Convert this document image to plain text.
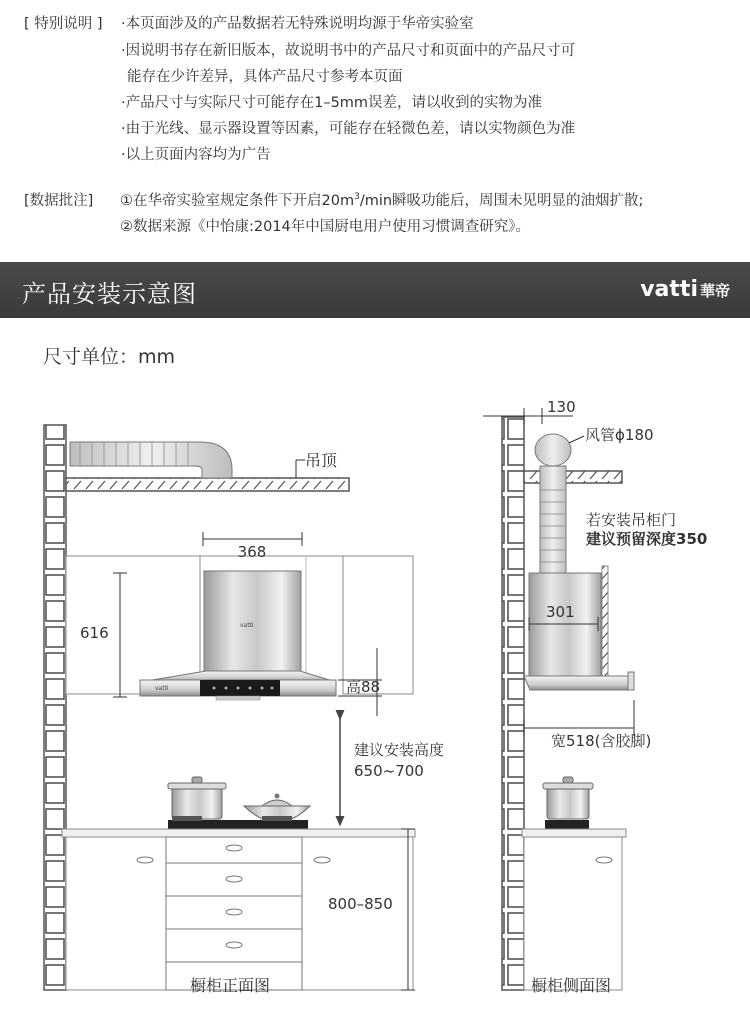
[ 特别说明 ] ·本页面涉及的产品数据若无特殊说明均源于华帝实验室
·因说明书存在新旧版本，故说明书中的产品尺寸和页面中的产品尺寸可
能存在少许差异，具体产品尺寸参考本页面
·产品尺寸与实际尺寸可能存在1–5mm误差，请以收到的实物为准
·由于光线、显示器设置等因素，可能存在轻微色差，请以实物颜色为准
·以上页面内容均为广告
[数据批注] ①在华帝实验室规定条件下开启$20m^3/\min$瞬吸功能后，周围未见明显的油烟扩散;
②数据来源《中怡康:2014年中国厨电用户使用习惯调查研究》。
产品安装示意图	vatti 華帝
尺寸单位：mm
吊顶
368
vatti
vatti
616
高88
建议安装高度
650~700
800–850
橱柜正面图
130
风管ϕ180
若安装吊柜门
建议预留深度350
301
宽518(含胶脚)
橱柜侧面图
